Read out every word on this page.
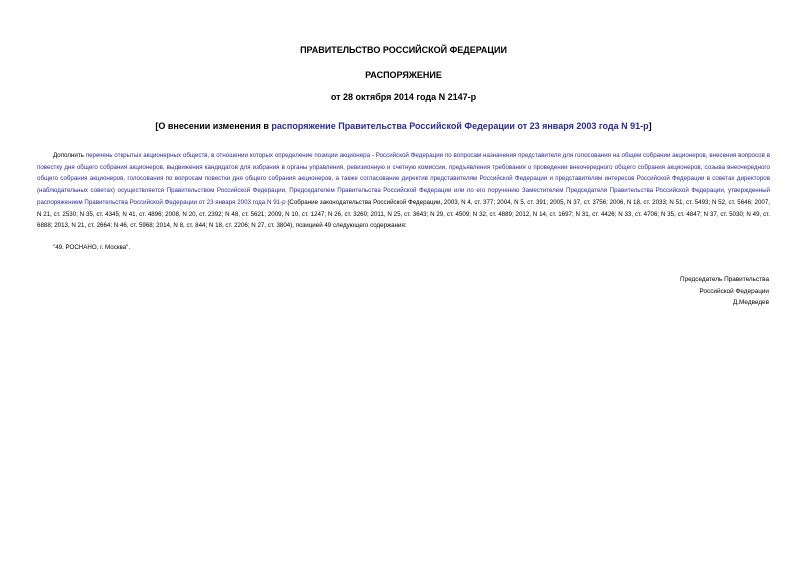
ПРАВИТЕЛЬСТВО РОССИЙСКОЙ ФЕДЕРАЦИИ
РАСПОРЯЖЕНИЕ
от 28 октября 2014 года N 2147-р
[О внесении изменения в распоряжение Правительства Российской Федерации от 23 января 2003 года N 91-р]
Дополнить перечень открытых акционерных обществ, в отношении которых определение позиции акционера - Российской Федерации по вопросам назначения представителя для голосования на общем собрании акционеров, внесения вопросов в повестку дня общего собрания акционеров, выдвижения кандидатов для избрания в органы управления, ревизионную и счетную комиссии, предъявления требования о проведении внеочередного общего собрания акционеров, созыва внеочередного общего собрания акционеров, голосования по вопросам повестки дня общего собрания акционеров, а также согласование директив представителям Российской Федерации и представителям интересов Российской Федерации в советах директоров (наблюдательных советах) осуществляется Правительством Российской Федерации, Председателем Правительства Российской Федерации или по его поручению Заместителем Председателя Правительства Российской Федерации, утвержденный распоряжением Правительства Российской Федерации от 23 января 2003 года N 91-р (Собрание законодательства Российской Федерации, 2003, N 4, ст. 377; 2004, N 5, ст. 391; 2005, N 37, ст. 3756; 2006, N 18, ст. 2033; N 51, ст. 5493; N 52, ст. 5646; 2007, N 21, ст. 2530; N 35, ст. 4345; N 41, ст. 4896; 2008, N 20, ст. 2392; N 48, ст. 5621; 2009, N 10, ст. 1247; N 26, ст. 3260; 2011, N 25, ст. 3643; N 29, ст. 4509; N 32, ст. 4889; 2012, N 14, ст. 1697; N 31, ст. 4426; N 33, ст. 4706; N 35, ст. 4847; N 37, ст. 5030; N 49, ст. 6888; 2013, N 21, ст. 2664; N 46, ст. 5968; 2014, N 8, ст. 844; N 18, ст. 2206; N 27, ст. 3804), позицией 49 следующего содержания:
"49. РОСНАНО, г. Москва".
Председатель Правительства
Российской Федерации
Д.Медведев
